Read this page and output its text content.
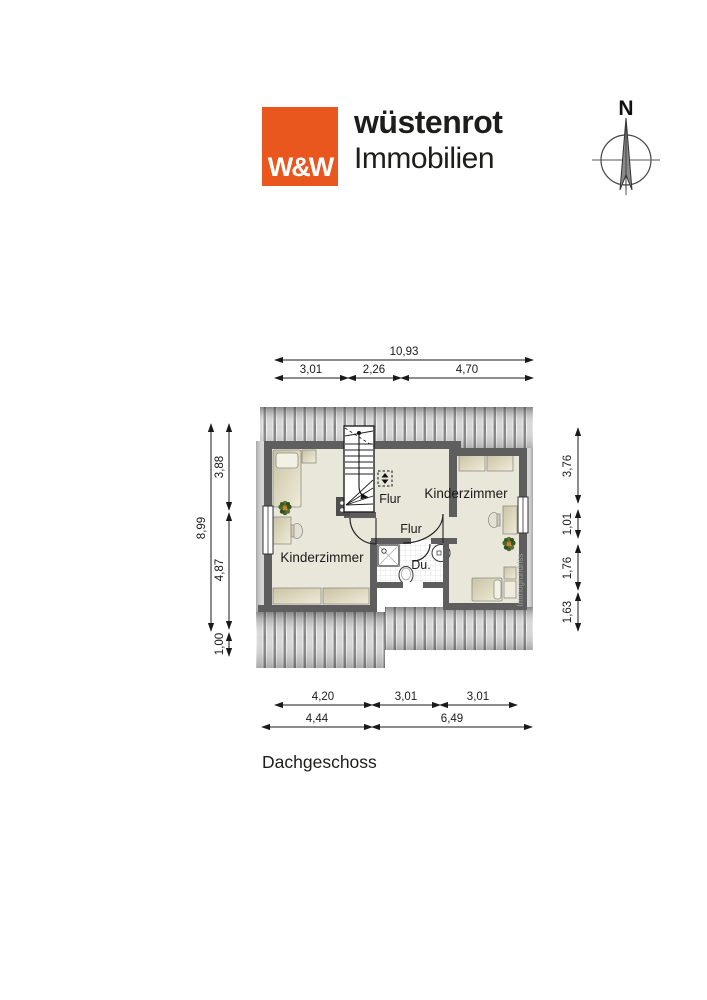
W&W
wüstenrot
Immobilien
N
Kinderzimmer
Flur
Flur
Du.
Kinderzimmer
Immogrundriss
10,93
3,01	2,26	4,70
8,99
3,88
4,87
1,00
3,76
1,01
1,76
1,63
4,20	3,01	3,01
4,44	6,49
Dachgeschoss
